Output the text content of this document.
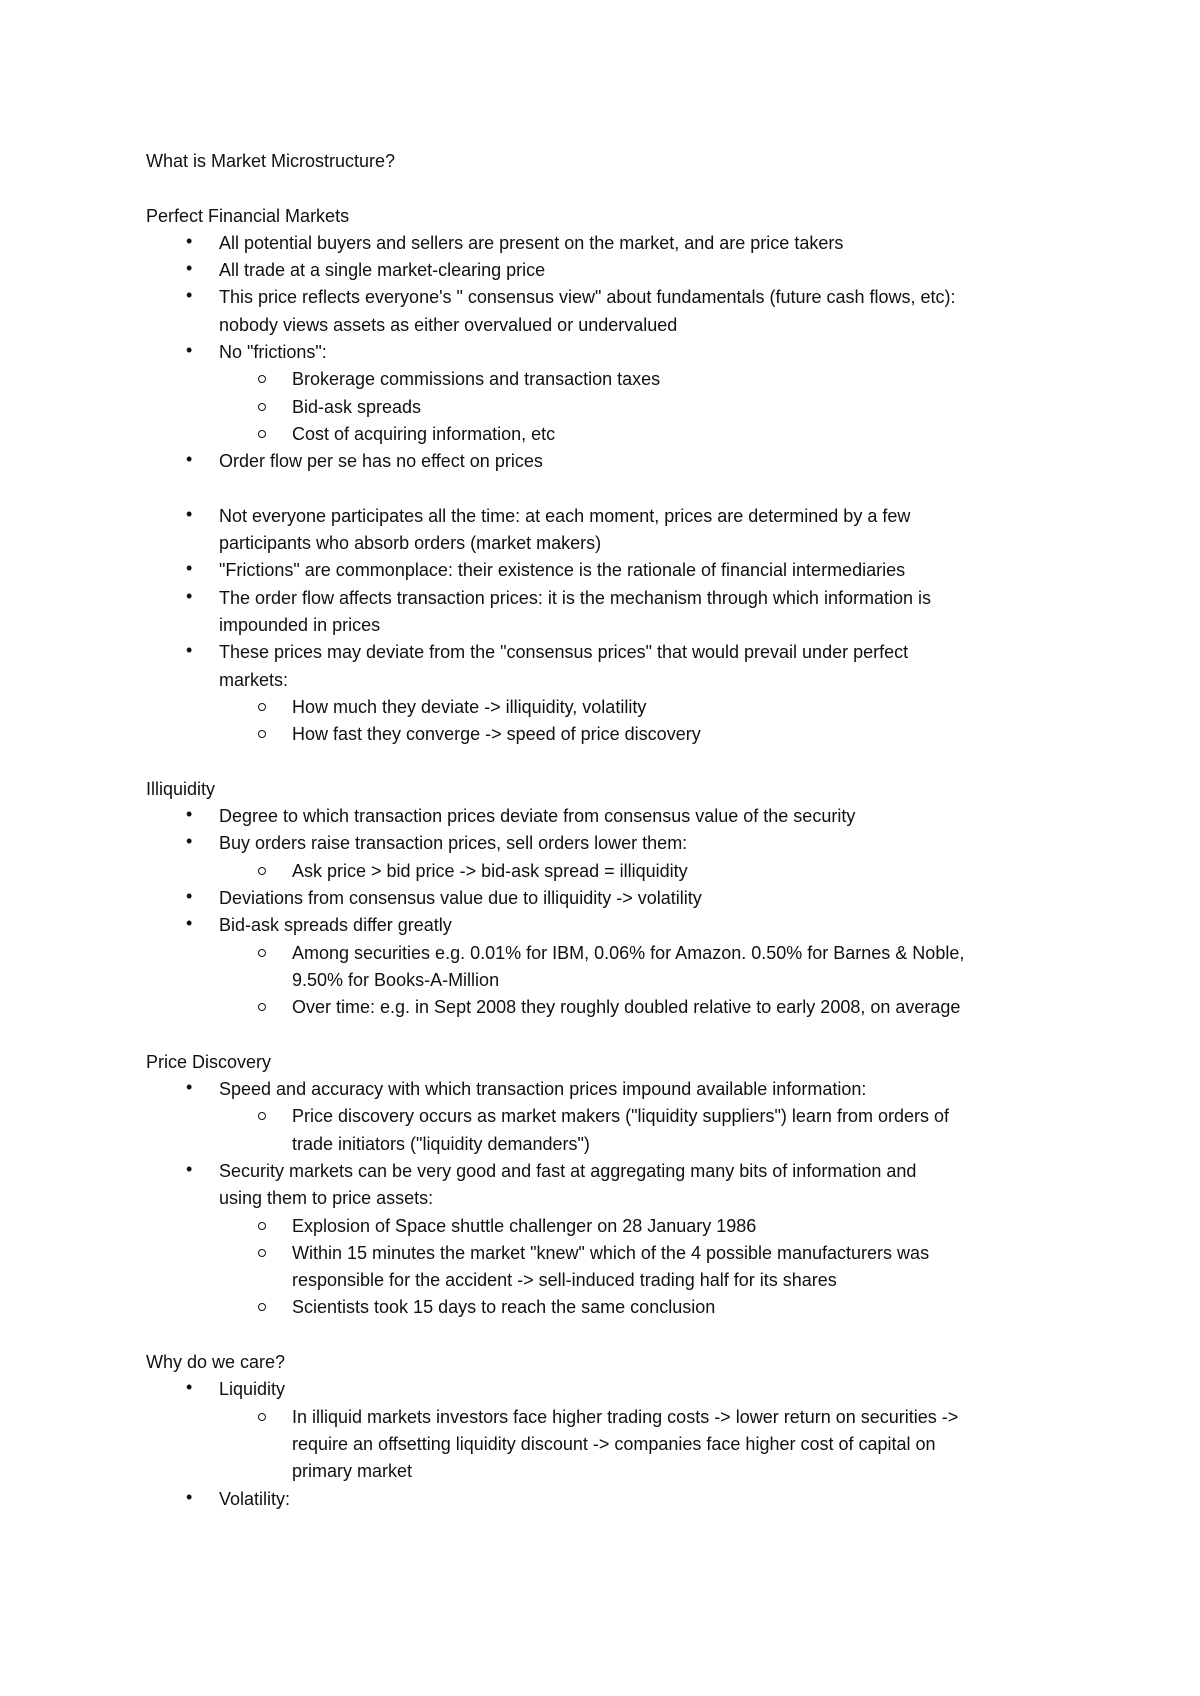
What is Market Microstructure?
Perfect Financial Markets
• All potential buyers and sellers are present on the market, and are price takers
• All trade at a single market-clearing price
• This price reflects everyone's " consensus view" about fundamentals (future cash flows, etc):
nobody views assets as either overvalued or undervalued
• No "frictions":
Brokerage commissions and transaction taxes
Bid-ask spreads
Cost of acquiring information, etc
• Order flow per se has no effect on prices
• Not everyone participates all the time: at each moment, prices are determined by a few
participants who absorb orders (market makers)
• "Frictions" are commonplace: their existence is the rationale of financial intermediaries
• The order flow affects transaction prices: it is the mechanism through which information is
impounded in prices
• These prices may deviate from the "consensus prices" that would prevail under perfect
markets:
How much they deviate -> illiquidity, volatility
How fast they converge -> speed of price discovery
Illiquidity
• Degree to which transaction prices deviate from consensus value of the security
• Buy orders raise transaction prices, sell orders lower them:
Ask price > bid price -> bid-ask spread = illiquidity
• Deviations from consensus value due to illiquidity -> volatility
• Bid-ask spreads differ greatly
Among securities e.g. 0.01% for IBM, 0.06% for Amazon. 0.50% for Barnes & Noble,
9.50% for Books-A-Million
Over time: e.g. in Sept 2008 they roughly doubled relative to early 2008, on average
Price Discovery
• Speed and accuracy with which transaction prices impound available information:
Price discovery occurs as market makers ("liquidity suppliers") learn from orders of
trade initiators ("liquidity demanders")
• Security markets can be very good and fast at aggregating many bits of information and
using them to price assets:
Explosion of Space shuttle challenger on 28 January 1986
Within 15 minutes the market "knew" which of the 4 possible manufacturers was
responsible for the accident -> sell-induced trading half for its shares
Scientists took 15 days to reach the same conclusion
Why do we care?
• Liquidity
In illiquid markets investors face higher trading costs -> lower return on securities ->
require an offsetting liquidity discount -> companies face higher cost of capital on
primary market
• Volatility:
